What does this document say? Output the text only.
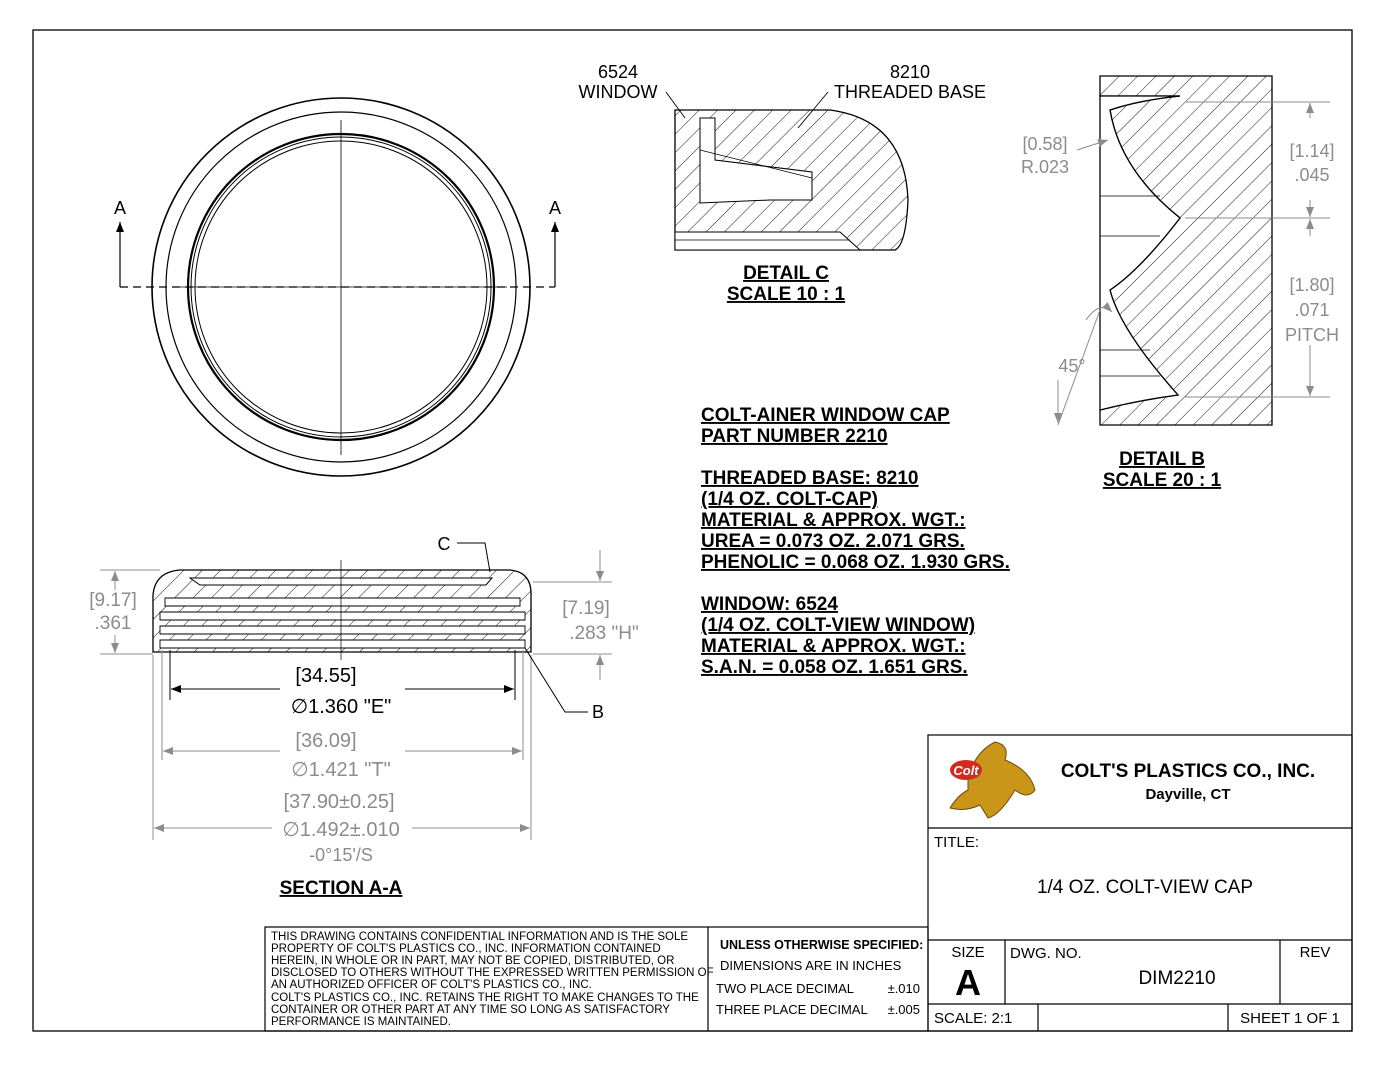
A	A
6524
WINDOW
8210
THREADED BASE
DETAIL C
SCALE 10 : 1
[0.58]
R.023
[1.14]
.045
[1.80]
.071
PITCH
45°
DETAIL B
SCALE 20 : 1
C
B
[9.17]
.361
[7.19]
.283 "H"
[34.55]
∅1.360 "E"
[36.09]
∅1.421 "T"
[37.90±0.25]
∅1.492±.010
-0°15'/S
SECTION A-A
COLT-AINER WINDOW CAP
PART NUMBER 2210
THREADED BASE: 8210
(1/4 OZ. COLT-CAP)
MATERIAL & APPROX. WGT.:
UREA = 0.073 OZ. 2.071 GRS.
PHENOLIC = 0.068 OZ. 1.930 GRS.
WINDOW: 6524
(1/4 OZ. COLT-VIEW WINDOW)
MATERIAL & APPROX. WGT.:
S.A.N. = 0.058 OZ. 1.651 GRS.
Colt	COLT'S PLASTICS CO., INC.
Dayville, CT
TITLE:
1/4 OZ. COLT-VIEW CAP
SIZE
A
DWG. NO.
DIM2210
REV
SCALE: 2:1	SHEET 1 OF 1
UNLESS OTHERWISE SPECIFIED:
DIMENSIONS ARE IN INCHES
TWO PLACE DECIMAL	±.010
THREE PLACE DECIMAL ±.005
THIS DRAWING CONTAINS CONFIDENTIAL INFORMATION AND IS THE SOLE
PROPERTY OF COLT'S PLASTICS CO., INC. INFORMATION CONTAINED
HEREIN, IN WHOLE OR IN PART, MAY NOT BE COPIED, DISTRIBUTED, OR
DISCLOSED TO OTHERS WITHOUT THE EXPRESSED WRITTEN PERMISSION OF
AN AUTHORIZED OFFICER OF COLT'S PLASTICS CO., INC.
COLT'S PLASTICS CO., INC. RETAINS THE RIGHT TO MAKE CHANGES TO THE
CONTAINER OR OTHER PART AT ANY TIME SO LONG AS SATISFACTORY
PERFORMANCE IS MAINTAINED.
